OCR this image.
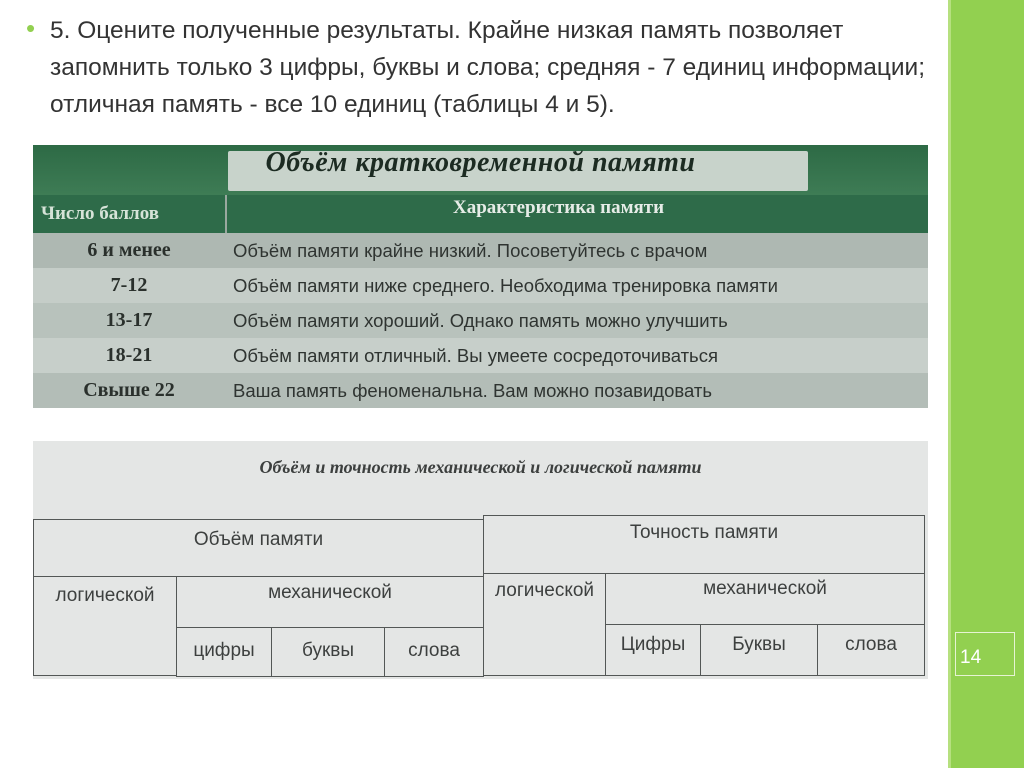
14
• 5. Оцените полученные результаты. Крайне низкая память позволяет запомнить только 3 цифры, буквы и слова; средняя - 7 единиц информации; отличная память - все 10 единиц (таблицы 4 и 5).

Объём кратковременной памяти
Число баллов	Характеристика памяти
6 и менее	Объём памяти крайне низкий. Посоветуйтесь с врачом
7-12	Объём памяти ниже среднего. Необходима тренировка памяти
13-17	Объём памяти хороший. Однако память можно улучшить
18-21	Объём памяти отличный. Вы умеете сосредоточиваться
Свыше 22	Ваша память феноменальна. Вам можно позавидовать
Объём и точность механической и логической памяти
Объём памяти	Точность памяти
логической	механической
цифры	буквы	слова
логической	механической
Цифры	Буквы	слова
